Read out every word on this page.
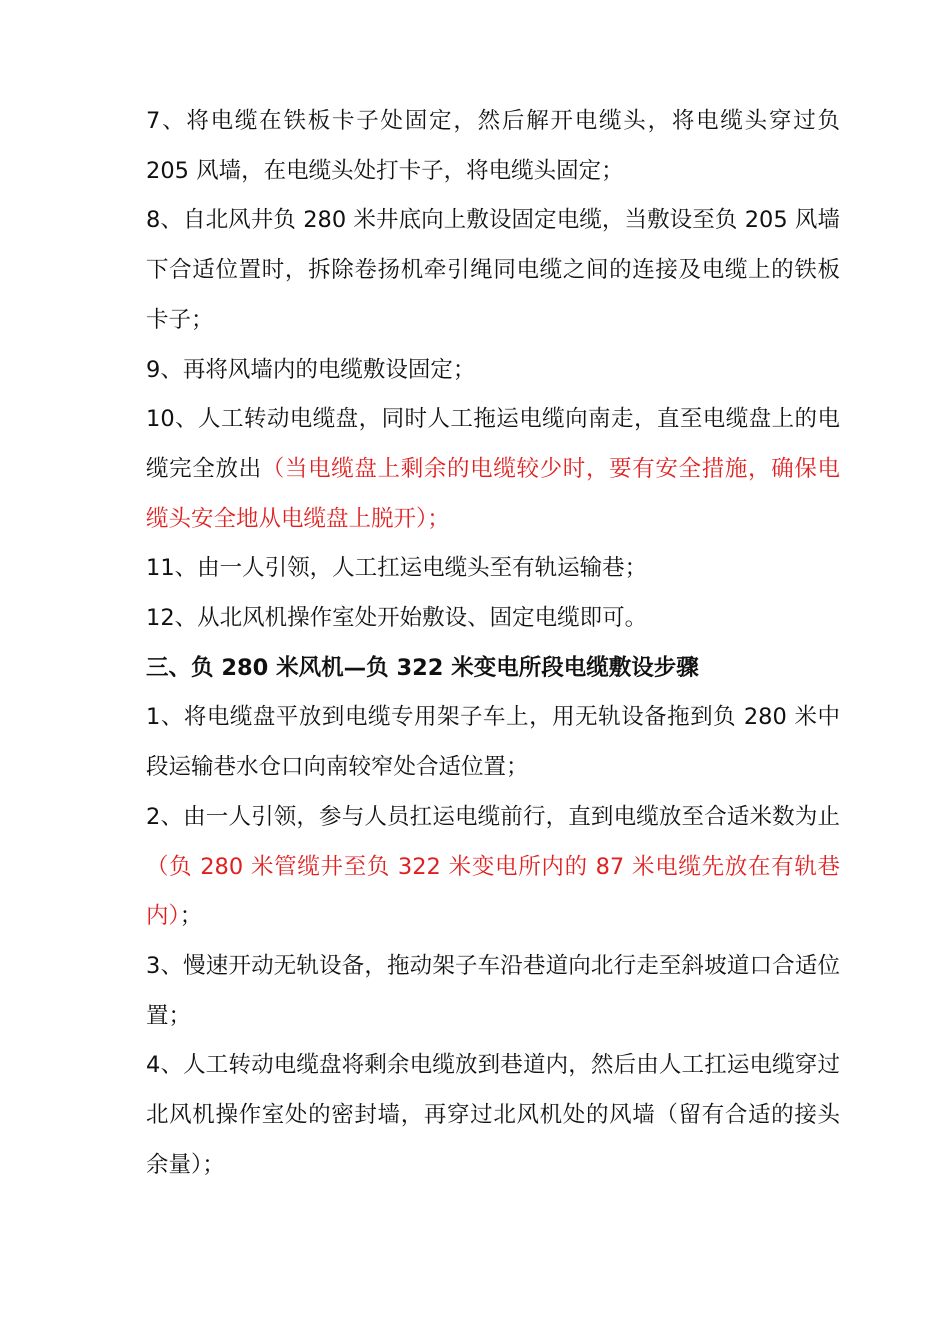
7、将电缆在铁板卡子处固定，然后解开电缆头，将电缆头穿过负 205 风墙，在电缆头处打卡子，将电缆头固定；

8、自北风井负 280 米井底向上敷设固定电缆，当敷设至负 205 风墙下合适位置时，拆除卷扬机牵引绳同电缆之间的连接及电缆上的铁板卡子；

9、再将风墙内的电缆敷设固定；

10、人工转动电缆盘，同时人工拖运电缆向南走，直至电缆盘上的电缆完全放出（当电缆盘上剩余的电缆较少时，要有安全措施，确保电缆头安全地从电缆盘上脱开）；

11、由一人引领，人工扛运电缆头至有轨运输巷；

12、从北风机操作室处开始敷设、固定电缆即可。

三、负 280 米风机—负 322 米变电所段电缆敷设步骤

1、将电缆盘平放到电缆专用架子车上，用无轨设备拖到负 280 米中段运输巷水仓口向南较窄处合适位置；

2、由一人引领，参与人员扛运电缆前行，直到电缆放至合适米数为止（负 280 米管缆井至负 322 米变电所内的 87 米电缆先放在有轨巷内）；

3、慢速开动无轨设备，拖动架子车沿巷道向北行走至斜坡道口合适位置；

4、人工转动电缆盘将剩余电缆放到巷道内，然后由人工扛运电缆穿过北风机操作室处的密封墙，再穿过北风机处的风墙（留有合适的接头余量）；
